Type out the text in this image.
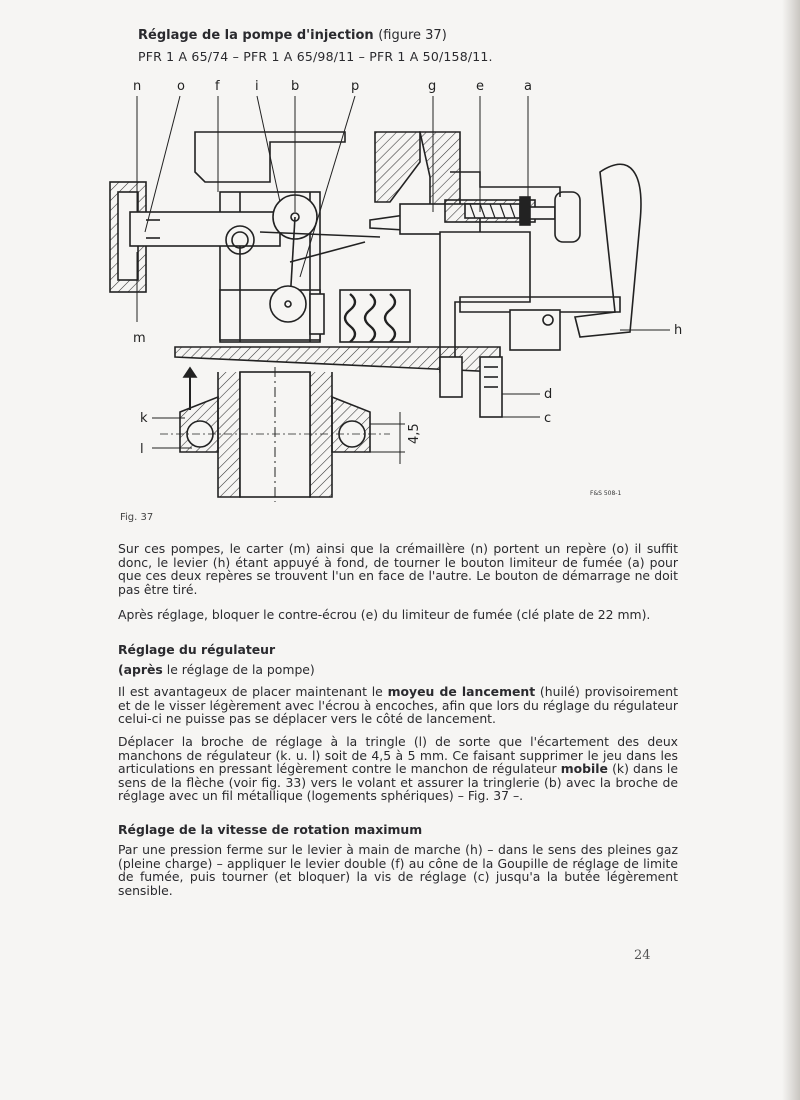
Réglage de la pompe d'injection (figure 37)
PFR 1 A 65/74 – PFR 1 A 65/98/11 – PFR 1 A 50/158/11.
n	o f	i b	p	g	e	a
h
m
k
l
d
c
4,5
F&S 508-1
Fig. 37
Sur ces pompes, le carter (m) ainsi que la crémaillère (n) portent un repère (o) il suffit donc, le levier (h) étant appuyé à fond, de tourner le bouton limiteur de fumée (a) pour que ces deux repères se trouvent l'un en face de l'autre. Le bouton de démarrage ne doit pas être tiré.
Après réglage, bloquer le contre-écrou (e) du limiteur de fumée (clé plate de 22 mm).
Réglage du régulateur
(après le réglage de la pompe)
Il est avantageux de placer maintenant le moyeu de lancement (huilé) provisoirement et de le visser légèrement avec l'écrou à encoches, afin que lors du réglage du régulateur celui-ci ne puisse pas se déplacer vers le côté de lancement.
Déplacer la broche de réglage à la tringle (l) de sorte que l'écartement des deux manchons de régulateur (k. u. l) soit de 4,5 à 5 mm. Ce faisant supprimer le jeu dans les articulations en pressant légèrement contre le manchon de régulateur mobile (k) dans le sens de la flèche (voir fig. 33) vers le volant et assurer la tringlerie (b) avec la broche de réglage avec un fil métallique (logements sphériques) – Fig. 37 –.
Réglage de la vitesse de rotation maximum
Par une pression ferme sur le levier à main de marche (h) – dans le sens des pleines gaz (pleine charge) – appliquer le levier double (f) au cône de la Goupille de réglage de limite de fumée, puis tourner (et bloquer) la vis de réglage (c) jusqu'a la butée légèrement sensible.
24
